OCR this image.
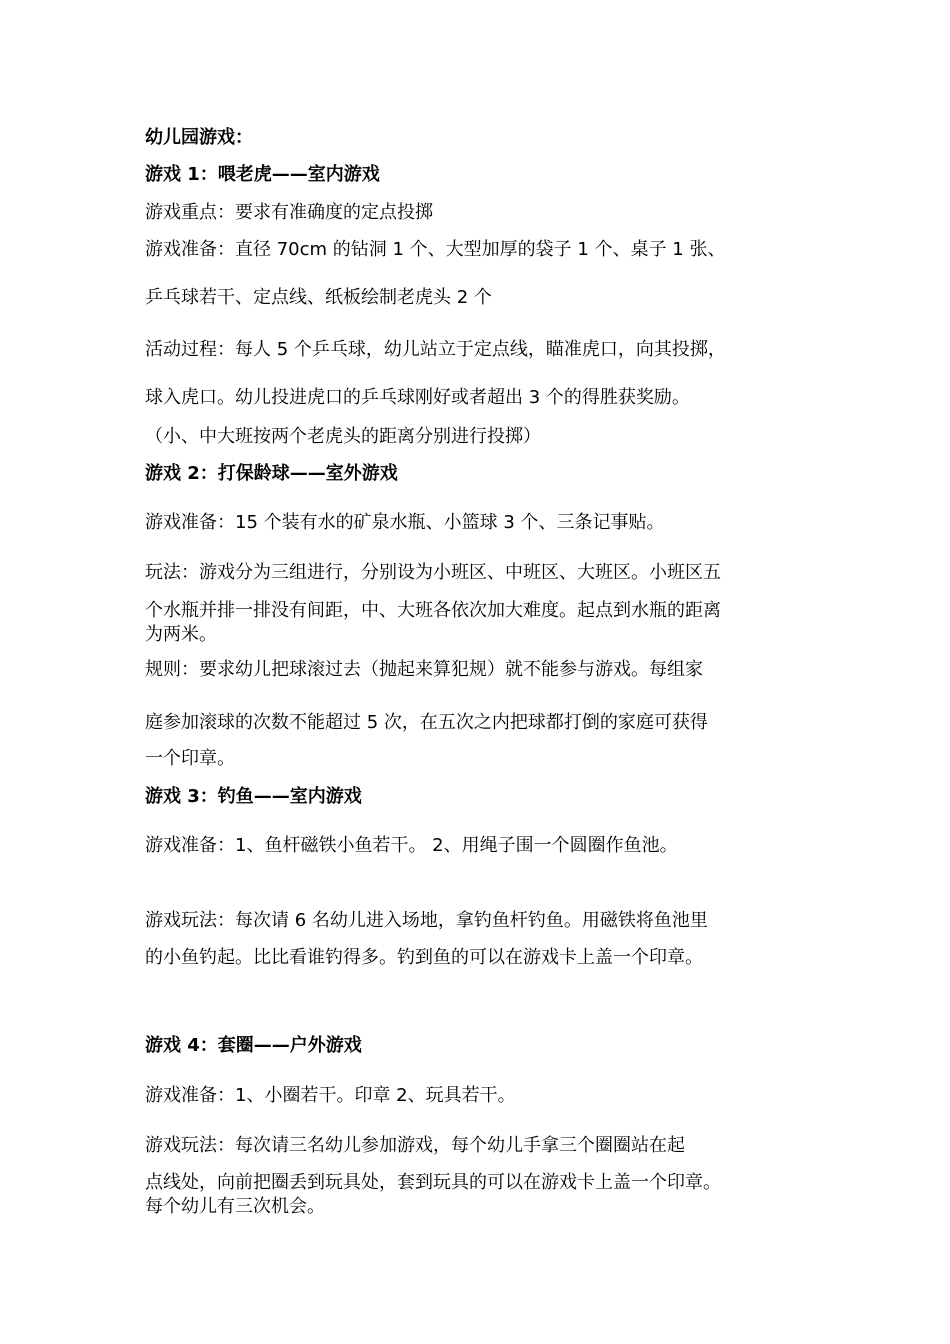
幼儿园游戏：
游戏 1：喂老虎——室内游戏
游戏重点：要求有准确度的定点投掷
游戏准备：直径 70cm 的钻洞 1 个、大型加厚的袋子 1 个、桌子 1 张、
乒乓球若干、定点线、纸板绘制老虎头 2 个
活动过程：每人 5 个乒乓球，幼儿站立于定点线，瞄准虎口，向其投掷，
球入虎口。幼儿投进虎口的乒乓球刚好或者超出 3 个的得胜获奖励。
（小、中大班按两个老虎头的距离分别进行投掷）
游戏 2：打保龄球——室外游戏
游戏准备：15 个装有水的矿泉水瓶、小篮球 3 个、三条记事贴。
玩法：游戏分为三组进行，分别设为小班区、中班区、大班区。小班区五
个水瓶并排一排没有间距，中、大班各依次加大难度。起点到水瓶的距离
为两米。
规则：要求幼儿把球滚过去（抛起来算犯规）就不能参与游戏。每组家
庭参加滚球的次数不能超过 5 次，在五次之内把球都打倒的家庭可获得
一个印章。
游戏 3：钓鱼——室内游戏
游戏准备：1、鱼杆磁铁小鱼若干。 2、用绳子围一个圆圈作鱼池。
游戏玩法：每次请 6 名幼儿进入场地，拿钓鱼杆钓鱼。用磁铁将鱼池里
的小鱼钓起。比比看谁钓得多。钓到鱼的可以在游戏卡上盖一个印章。
游戏 4：套圈——户外游戏
游戏准备：1、小圈若干。印章 2、玩具若干。
游戏玩法：每次请三名幼儿参加游戏，每个幼儿手拿三个圈圈站在起
点线处，向前把圈丢到玩具处，套到玩具的可以在游戏卡上盖一个印章。
每个幼儿有三次机会。
